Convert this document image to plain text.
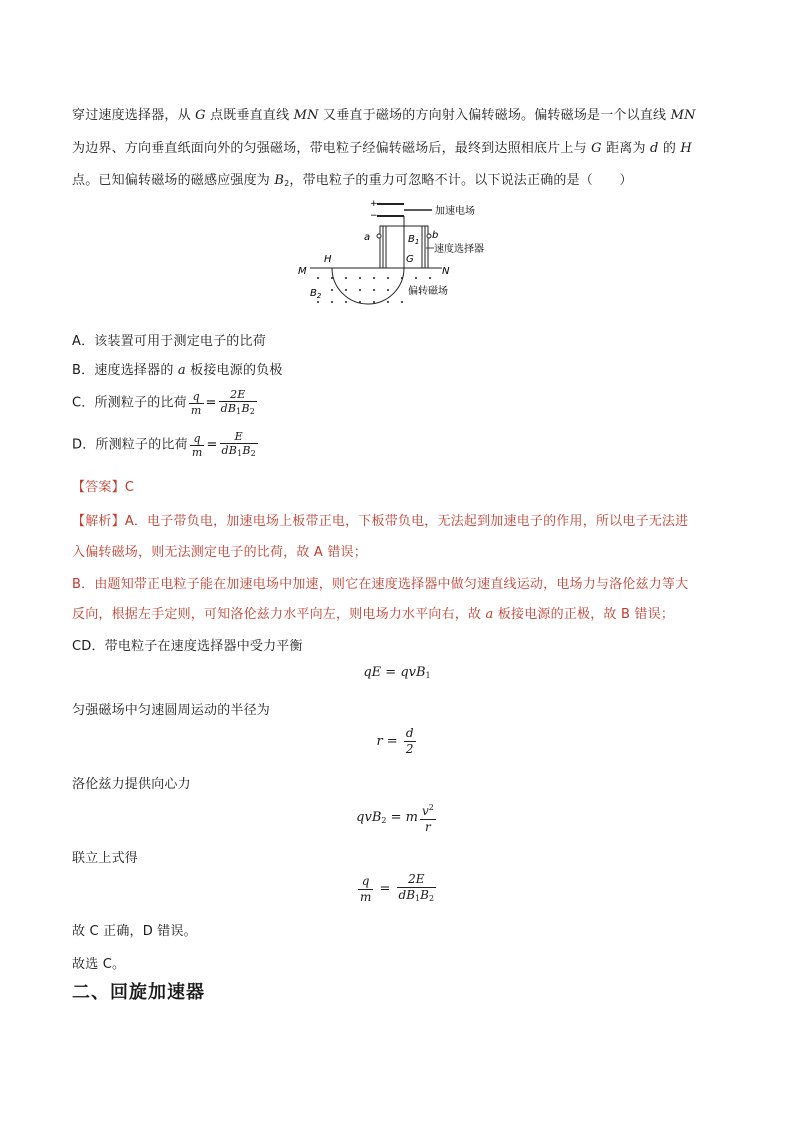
穿过速度选择器，从 G 点既垂直直线 MN 又垂直于磁场的方向射入偏转磁场。偏转磁场是一个以直线 MN
为边界、方向垂直纸面向外的匀强磁场，带电粒子经偏转磁场后，最终到达照相底片上与 G 距离为 d 的 H
点。已知偏转磁场的磁感应强度为 $B_2$，带电粒子的重力可忽略不计。以下说法正确的是（　　）
+
−	加速电场
a	b
$B_1$
G
速度选择器
M
H
N
$B_2$	偏转磁场
A．该装置可用于测定电子的比荷
B．速度选择器的 a 板接电源的负极
C．所测粒子的比荷 $\frac{q}{m} = \frac{2E}{dB_1B_2}$
D．所测粒子的比荷 $\frac{q}{m} = \frac{E}{dB_1B_2}$
【答案】C
【解析】A．电子带负电，加速电场上板带正电，下板带负电，无法起到加速电子的作用，所以电子无法进
入偏转磁场，则无法测定电子的比荷，故 A 错误；
B．由题知带正电粒子能在加速电场中加速，则它在速度选择器中做匀速直线运动，电场力与洛伦兹力等大
反向，根据左手定则，可知洛伦兹力水平向左，则电场力水平向右，故 a 板接电源的正极，故 B 错误；
CD．带电粒子在速度选择器中受力平衡
qE = qvB$_1$
匀强磁场中匀速圆周运动的半径为
$r = \frac{d}{2}$
洛伦兹力提供向心力
qvB$_2$ = m $\frac{v^2}{r}$
联立上式得
$\frac{q}{m} = \frac{2E}{dB_1B_2}$
故 C 正确，D 错误。
故选 C。
二、回旋加速器
